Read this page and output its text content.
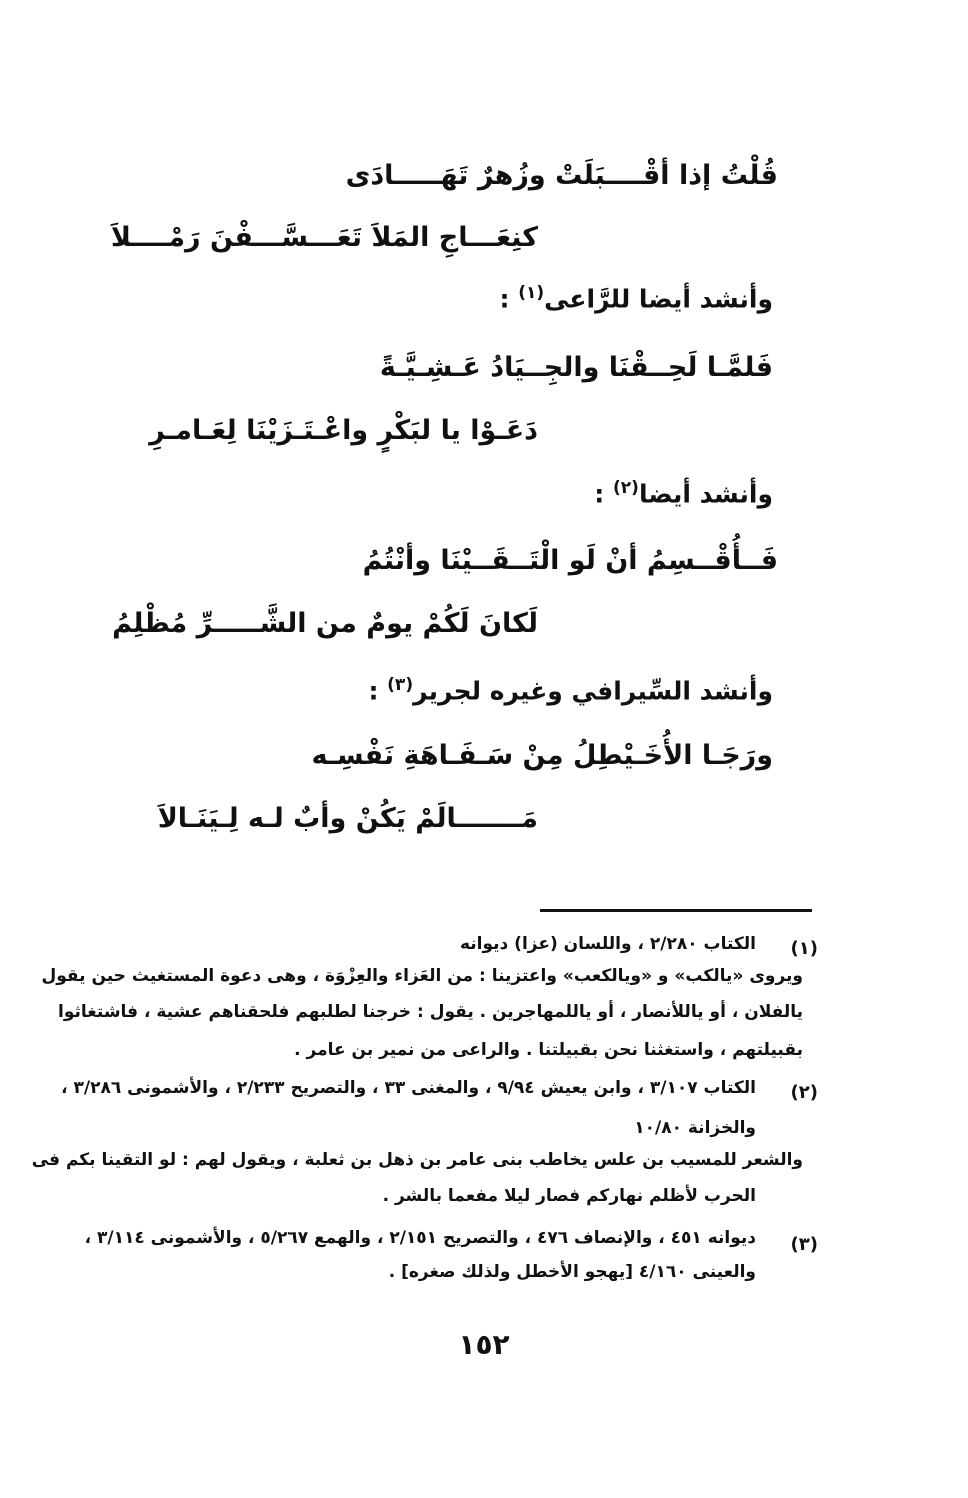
قُلْتُ إذا أقْــــبَلَتْ وزُهرٌ تَهَـــــادَى
كنِعَـــاجِ المَلاَ تَعَـــسَّـــفْنَ رَمْــــلاَ
وأنشد أيضا للرَّاعى$^{(١)}$ :
فَلمَّـا لَحِــقْنَا والجِــيَادُ عَـشِـيَّـةً
دَعَـوْا يا لبَكْرٍ واعْـتَـزَيْنَا لِعَـامـرِ
وأنشد أيضا$^{(٢)}$ :
فَــأُقْــسِمُ أنْ لَو الْتَــقَــيْنَا وأنْتُمُ
لَكانَ لَكُمْ يومٌ من الشَّـــــرِّ مُظْلِمُ
وأنشد السِّيرافي وغيره لجرير$^{(٣)}$ :
ورَجَـا الأُخَـيْطِلُ مِنْ سَـفَـاهَةِ نَفْسِـه
مَـــــــالَمْ يَكُنْ وأبٌ لـه لِـيَنَـالاَ
(١)
الكتاب ٢/٢٨٠ ، واللسان (عزا) ديوانه
ويروى «يالكب» و «ويالكعب» واعتزينا : من العَزاء والعِزْوَة ، وهى دعوة المستغيث حين يقول
يالفلان ، أو ياللأنصار ، أو ياللمهاجرين . يقول : خرجنا لطلبهم فلحقناهم عشية ، فاشتغاثوا
بقبيلتهم ، واستغثنا نحن بقبيلتنا . والراعى من نمير بن عامر .
(٢)
الكتاب ٣/١٠٧ ، وابن يعيش ٩/٩٤ ، والمغنى ٣٣ ، والتصريح ٢/٢٣٣ ، والأشمونى ٣/٢٨٦ ،
والخزانة ١٠/٨٠
والشعر للمسيب بن علس يخاطب بنى عامر بن ذهل بن ثعلبة ، ويقول لهم : لو التقينا بكم فى
الحرب لأظلم نهاركم فصار ليلا مفعما بالشر .
(٣)
ديوانه ٤٥١ ، والإنصاف ٤٧٦ ، والتصريح ٢/١٥١ ، والهمع ٥/٢٦٧ ، والأشمونى ٣/١١٤ ،
والعينى ٤/١٦٠ [يهجو الأخطل ولذلك صغره] .
١٥٢
